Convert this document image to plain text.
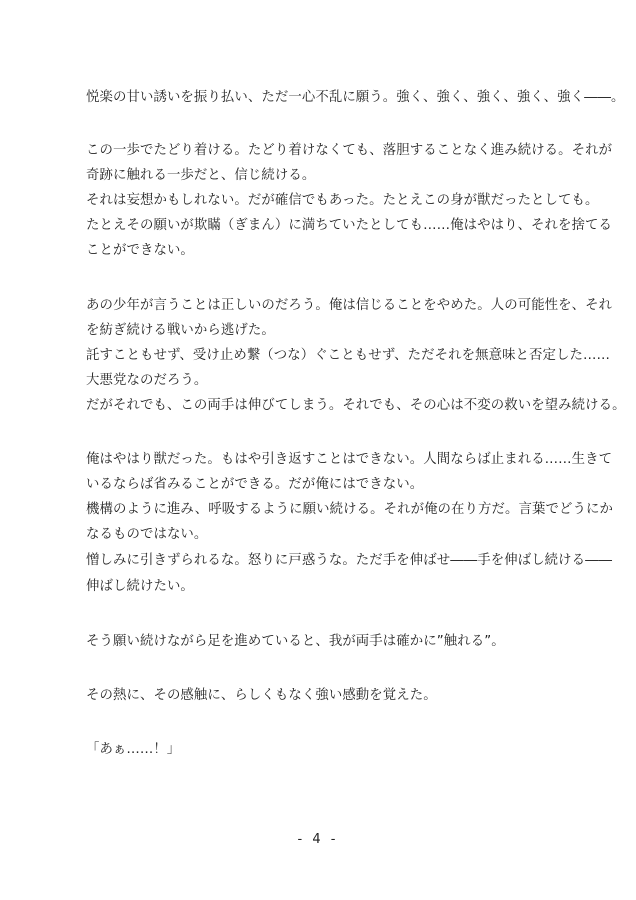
悦楽の甘い誘いを振り払い、ただ一心不乱に願う。強く、強く、強く、強く、強く――。
この一歩でたどり着ける。たどり着けなくても、落胆することなく進み続ける。それが
奇跡に触れる一歩だと、信じ続ける。
それは妄想かもしれない。だが確信でもあった。たとえこの身が獣だったとしても。
たとえその願いが欺瞞（ぎまん）に満ちていたとしても……俺はやはり、それを捨てる
ことができない。
あの少年が言うことは正しいのだろう。俺は信じることをやめた。人の可能性を、それ
を紡ぎ続ける戦いから逃げた。
託すこともせず、受け止め繋（つな）ぐこともせず、ただそれを無意味と否定した……
大悪党なのだろう。
だがそれでも、この両手は伸びてしまう。それでも、その心は不変の救いを望み続ける。
俺はやはり獣だった。もはや引き返すことはできない。人間ならば止まれる……生きて
いるならば省みることができる。だが俺にはできない。
機構のように進み、呼吸するように願い続ける。それが俺の在り方だ。言葉でどうにか
なるものではない。
憎しみに引きずられるな。怒りに戸惑うな。ただ手を伸ばせ――手を伸ばし続ける――
伸ばし続けたい。
そう願い続けながら足を進めていると、我が両手は確かに”触れる”。
その熱に、その感触に、らしくもなく強い感動を覚えた。
「あぁ……！」
- 4 -
